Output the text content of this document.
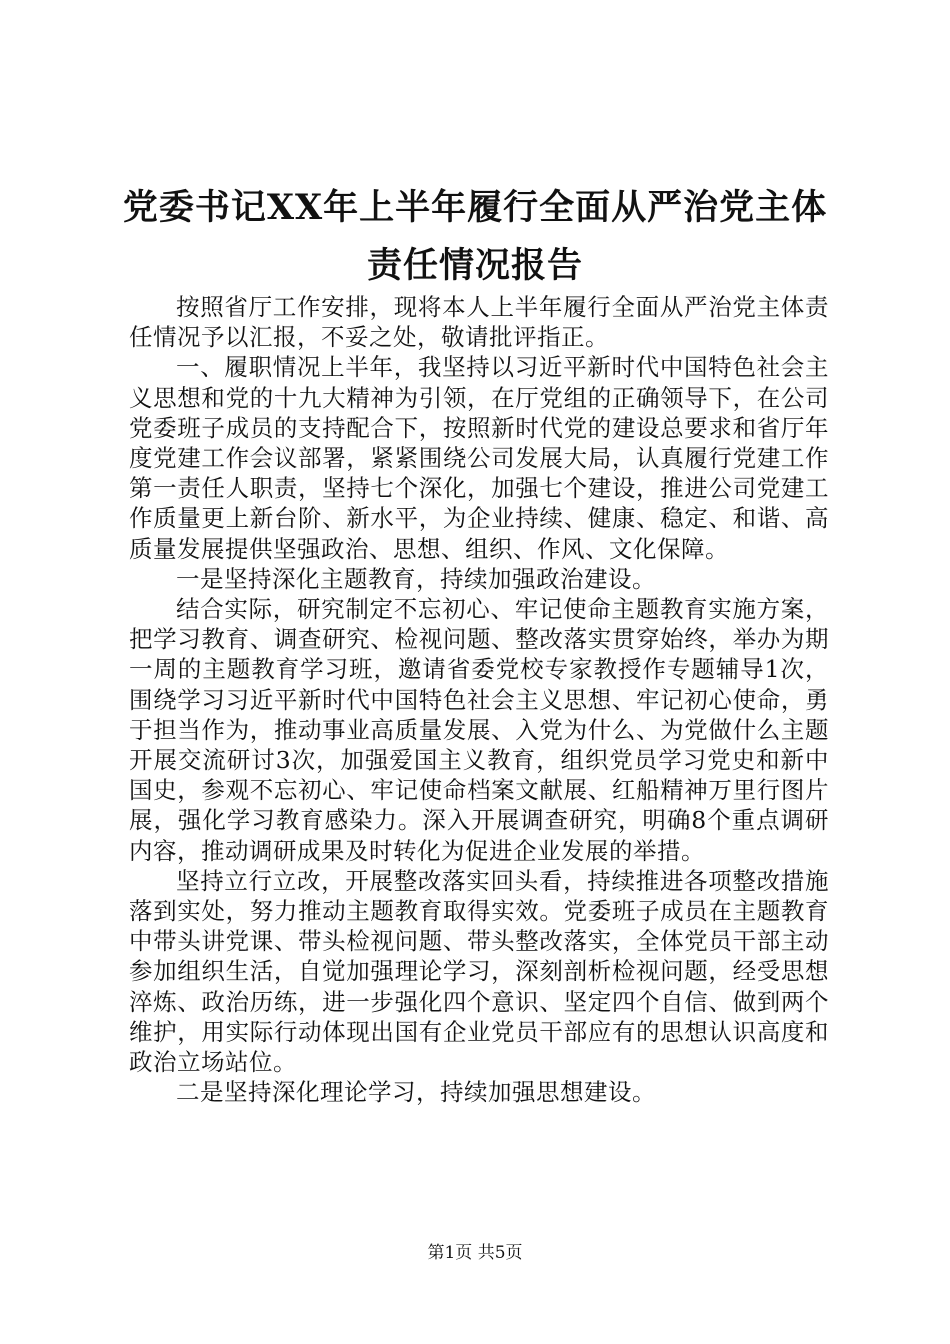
党委书记XX年上半年履行全面从严治党主体
责任情况报告

按照省厅工作安排，现将本人上半年履行全面从严治党主体责任情况予以汇报，不妥之处，敬请批评指正。

一、履职情况上半年，我坚持以习近平新时代中国特色社会主义思想和党的十九大精神为引领，在厅党组的正确领导下，在公司党委班子成员的支持配合下，按照新时代党的建设总要求和省厅年度党建工作会议部署，紧紧围绕公司发展大局，认真履行党建工作第一责任人职责，坚持七个深化，加强七个建设，推进公司党建工作质量更上新台阶、新水平，为企业持续、健康、稳定、和谐、高质量发展提供坚强政治、思想、组织、作风、文化保障。

一是坚持深化主题教育，持续加强政治建设。

结合实际，研究制定不忘初心、牢记使命主题教育实施方案，把学习教育、调查研究、检视问题、整改落实贯穿始终，举办为期一周的主题教育学习班，邀请省委党校专家教授作专题辅导1次，围绕学习习近平新时代中国特色社会主义思想、牢记初心使命，勇于担当作为，推动事业高质量发展、入党为什么、为党做什么主题开展交流研讨3次，加强爱国主义教育，组织党员学习党史和新中国史，参观不忘初心、牢记使命档案文献展、红船精神万里行图片展，强化学习教育感染力。深入开展调查研究，明确8个重点调研内容，推动调研成果及时转化为促进企业发展的举措。

坚持立行立改，开展整改落实回头看，持续推进各项整改措施落到实处，努力推动主题教育取得实效。党委班子成员在主题教育中带头讲党课、带头检视问题、带头整改落实，全体党员干部主动参加组织生活，自觉加强理论学习，深刻剖析检视问题，经受思想淬炼、政治历练，进一步强化四个意识、坚定四个自信、做到两个维护，用实际行动体现出国有企业党员干部应有的思想认识高度和政治立场站位。

二是坚持深化理论学习，持续加强思想建设。

第1页 共5页
